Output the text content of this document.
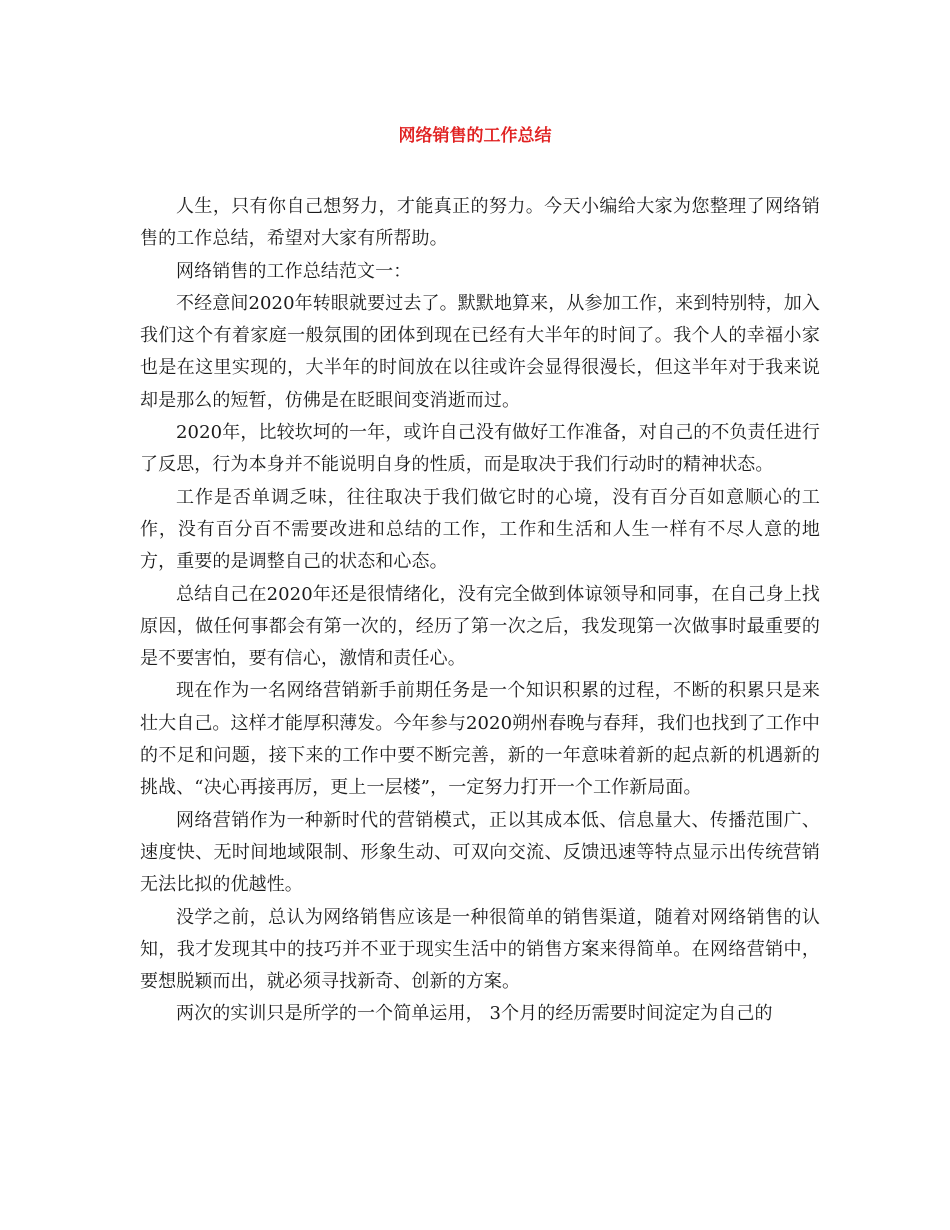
网络销售的工作总结

人生，只有你自己想努力，才能真正的努力。今天小编给大家为您整理了网络销售的工作总结，希望对大家有所帮助。

网络销售的工作总结范文一：

不经意间2020年转眼就要过去了。默默地算来，从参加工作，来到特别特，加入我们这个有着家庭一般氛围的团体到现在已经有大半年的时间了。我个人的幸福小家也是在这里实现的，大半年的时间放在以往或许会显得很漫长，但这半年对于我来说却是那么的短暂，仿佛是在眨眼间变消逝而过。

2020年，比较坎坷的一年，或许自己没有做好工作准备，对自己的不负责任进行了反思，行为本身并不能说明自身的性质，而是取决于我们行动时的精神状态。

工作是否单调乏味，往往取决于我们做它时的心境，没有百分百如意顺心的工作，没有百分百不需要改进和总结的工作，工作和生活和人生一样有不尽人意的地方，重要的是调整自己的状态和心态。

总结自己在2020年还是很情绪化，没有完全做到体谅领导和同事，在自己身上找原因，做任何事都会有第一次的，经历了第一次之后，我发现第一次做事时最重要的是不要害怕，要有信心，激情和责任心。

现在作为一名网络营销新手前期任务是一个知识积累的过程，不断的积累只是来壮大自己。这样才能厚积薄发。今年参与2020朔州春晚与春拜，我们也找到了工作中的不足和问题，接下来的工作中要不断完善，新的一年意味着新的起点新的机遇新的挑战、“决心再接再厉，更上一层楼”，一定努力打开一个工作新局面。

网络营销作为一种新时代的营销模式，正以其成本低、信息量大、传播范围广、速度快、无时间地域限制、形象生动、可双向交流、反馈迅速等特点显示出传统营销无法比拟的优越性。

没学之前，总认为网络销售应该是一种很简单的销售渠道，随着对网络销售的认知，我才发现其中的技巧并不亚于现实生活中的销售方案来得简单。在网络营销中，要想脱颖而出，就必须寻找新奇、创新的方案。

两次的实训只是所学的一个简单运用， 3个月的经历需要时间淀定为自己的
